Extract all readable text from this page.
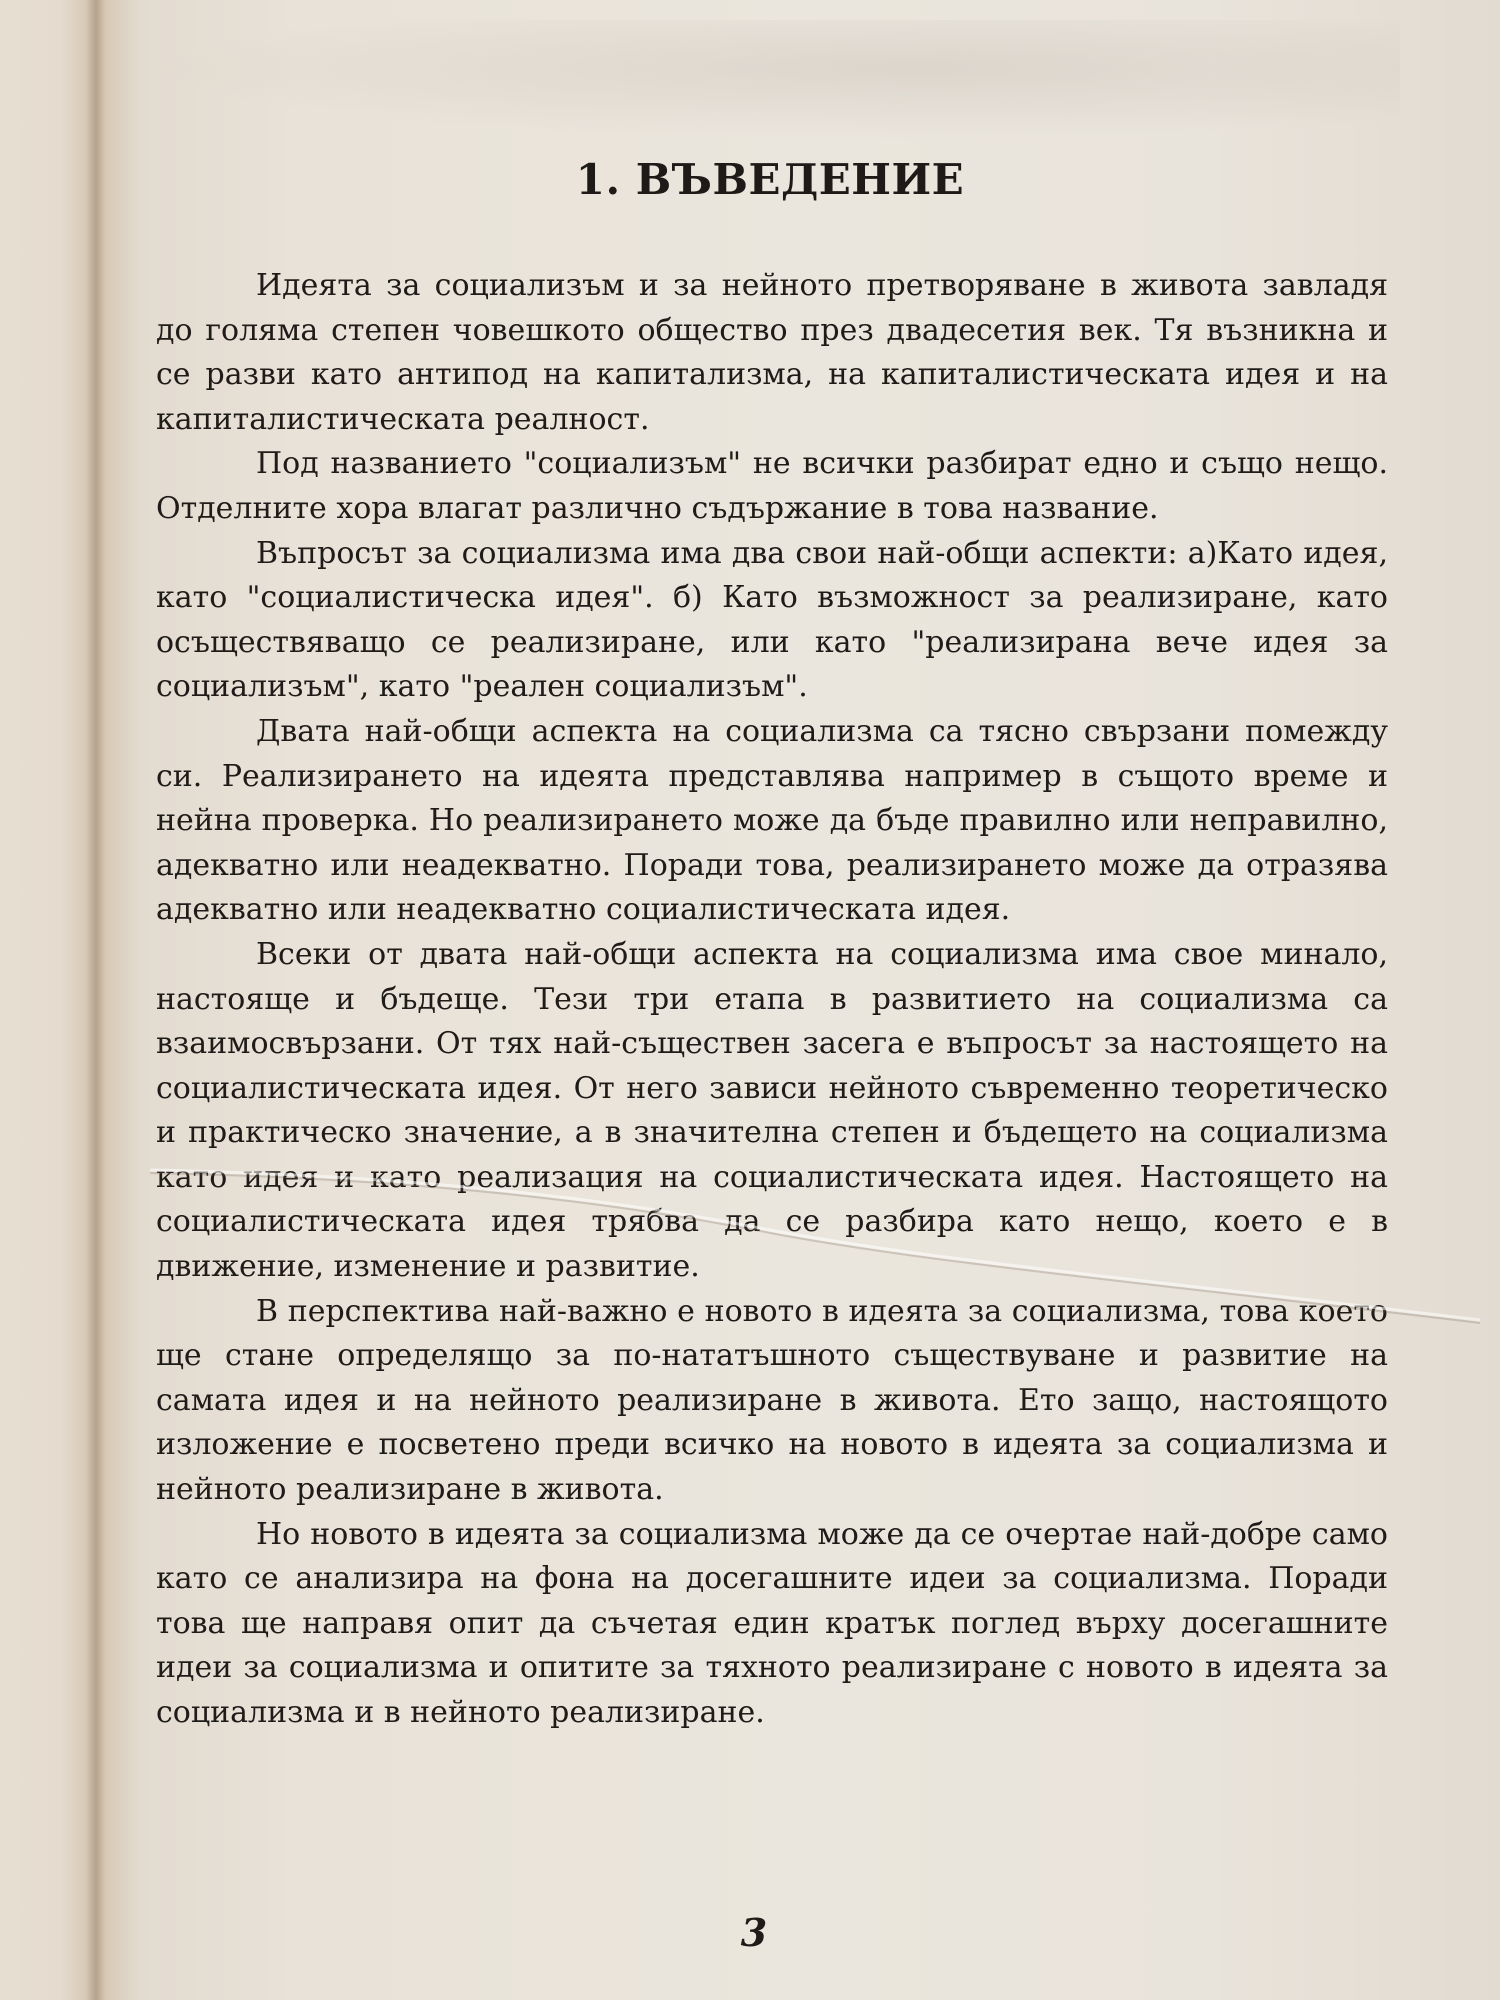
1. ВЪВЕДЕНИЕ

Идеята за социализъм и за нейното претворяване в живота завладя до голяма степен човешкото общество през двадесетия век. Тя възникна и се разви като антипод на капитализма, на капиталистическата идея и на капиталистическата реалност.

Под названието "социализъм" не всички разбират едно и също нещо. Отделните хора влагат различно съдържание в това название.

Въпросът за социализма има два свои най-общи аспекти: а)Като идея, като "социалистическа идея". б) Като възможност за реализиране, като осъществяващо се реализиране, или като "реализирана вече идея за социализъм", като "реален социализъм".

Двата най-общи аспекта на социализма са тясно свързани помежду си. Реализирането на идеята представлява например в същото време и нейна проверка. Но реализирането може да бъде правилно или неправилно, адекватно или неадекватно. Поради това, реализирането може да отразява адекватно или неадекватно социалистическата идея.

Всеки от двата най-общи аспекта на социализма има свое минало, настояще и бъдеще. Тези три етапа в развитието на социализма са взаимосвързани. От тях най-съществен засега е въпросът за настоящето на социалистическата идея. От него зависи нейното съвременно теоретическо и практическо значение, а в значителна степен и бъдещето на социализма като идея и като реализация на социалистическата идея. Настоящето на социалистическата идея трябва да се разбира като нещо, което е в движение, изменение и развитие.

В перспектива най-важно е новото в идеята за социализма, това което ще стане определящо за по-нататъшното съществуване и развитие на самата идея и на нейното реализиране в живота. Ето защо, настоящото изложение е посветено преди всичко на новото в идеята за социализма и нейното реализиране в живота.

Но новото в идеята за социализма може да се очертае най-добре само като се анализира на фона на досегашните идеи за социализма. Поради това ще направя опит да съчетая един кратък поглед върху досегашните идеи за социализма и опитите за тяхното реализиране с новото в идеята за социализма и в нейното реализиране.

3
